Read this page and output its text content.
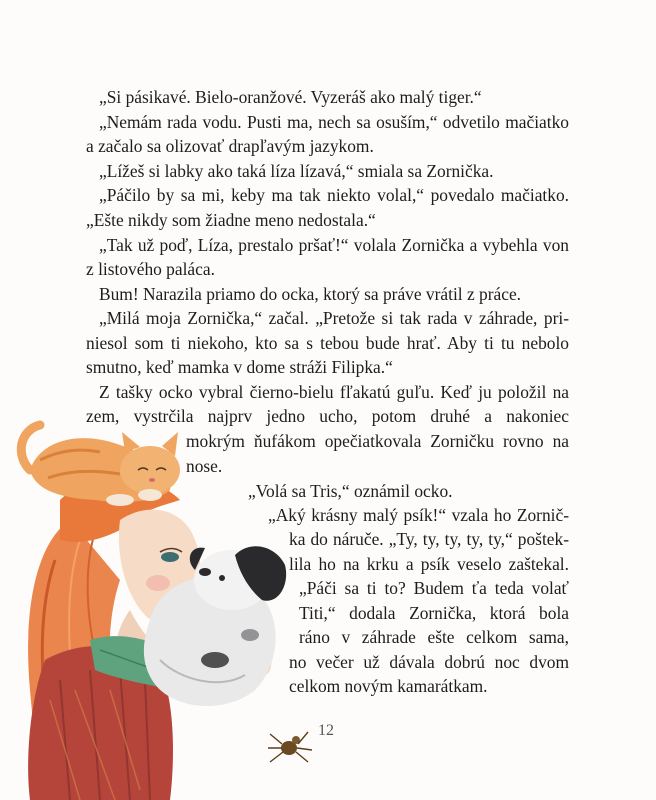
„Si pásikavé. Bielo-oranžové. Vyzeráš ako malý tiger.“
„Nemám rada vodu. Pusti ma, nech sa osuším,“ odvetilo mačiatko
a začalo sa olizovať drapľavým jazykom.
„Lížeš si labky ako taká líza lízavá,“ smiala sa Zornička.
„Páčilo by sa mi, keby ma tak niekto volal,“ povedalo mačiatko.
„Ešte nikdy som žiadne meno nedostala.“
„Tak už poď, Líza, prestalo pršať!“ volala Zornička a vybehla von
z listového paláca.
Bum! Narazila priamo do ocka, ktorý sa práve vrátil z práce.
„Milá moja Zornička,“ začal. „Pretože si tak rada v záhrade, pri-
niesol som ti niekoho, kto sa s tebou bude hrať. Aby ti tu nebolo
smutno, keď mamka v dome stráži Filipka.“
Z tašky ocko vybral čierno-bielu fľakatú guľu. Keď ju položil na
zem, vystrčila najprv jedno ucho, potom druhé a nakoniec
mokrým ňufákom opečiatkovala Zorničku rovno na
nose.
„Volá sa Tris,“ oznámil ocko.
„Aký krásny malý psík!“ vzala ho Zornič-
ka do náruče. „Ty, ty, ty, ty, ty,“ poštek-
lila ho na krku a psík veselo zaštekal.
„Páči sa ti to? Budem ťa teda volať
Titi,“ dodala Zornička, ktorá bola
ráno v záhrade ešte celkom sama,
no večer už dávala dobrú noc dvom
celkom novým kamarátkam.
12
